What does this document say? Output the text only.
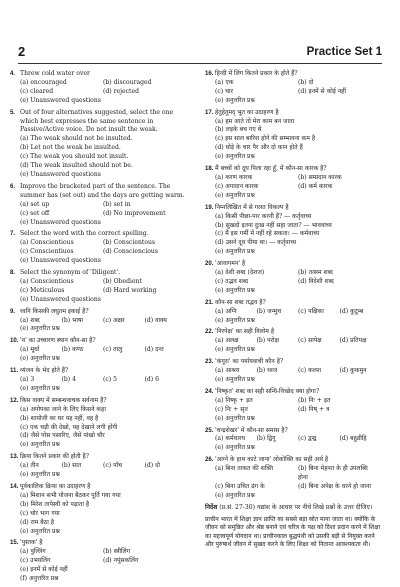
2	Practice Set 1
4. Threw cold water over
(a) encouraged	(b) discouraged
(c) cleared	(d) rejected
(e) Unanswered questions
5. Out of four alternatives suggested, select the one which best expresses the same sentence in Passive/Active voice. Do not insult the weak.
(a) The weak should not be insulted.
(b) Let not the weak be insulted.
(c) The weak you should not insult.
(d) The weak insulted should not be.
(e) Unanswered questions
6. Improve the bracketed part of the sentence. The summer has (set out) and the days are getting warm.
(a) set up	(b) set in
(c) set off	(d) No improvement
(e) Unanswered questions
7. Select the word with the correct spelling.
(a) Conscientious	(b) Conscientous
(c) Conscientiuos	(d) Consciencious
(e) Unanswered questions
8. Select the synonym of 'Diligent'.
(a) Conscientious	(b) Obedient
(c) Meticulous	(d) Hard working
(e) Unanswered questions
9. ध्वनि किसकी लघुतम इकाई है?
(a) शब्द	(b) भाषा	(c) अक्षर	(d) वाक्य
(e) अनुत्तरित प्रश्न
10. 'व' का उच्चारण स्थान कौन-सा है?
(a) मूर्धा	(b) कण्ठ	(c) तालु	(d) दन्त
(e) अनुत्तरित प्रश्न
11. व्यंजन के भेद होते हैं?
(a) 3	(b) 4	(c) 5	(d) 6
(e) अनुत्तरित प्रश्न
12. किस वाक्य में सम्बन्धवाचक सर्वनाम है?
(a) अपोपका जाने के लिए किसने कहा
(b) शायोजी का घर यह नहीं, वह है
(c) एक चड़ी की देखो, यह देखाने लगी होंगी
(d) जैसे पोस पसारिए, जैसे पांखो चौर
(e) अनुत्तरित प्रश्न
13. क्रिया कितने प्रकार की होती है?
(a) तीन	(b) सात	(c) पाँच	(d) दो
(e) अनुत्तरित प्रश्न
14. पूर्वकालिक क्रिया का उदाहरण है
(a) मिशान सभी योजना बैठकर पूर्ति गया गया
(b) मिरेश तापेस्वी को पढ़ाता है
(c) चोर भाग गया
(d) राम बैठा है
(e) अनुत्तरित प्रश्न
15. 'पुस्तक' है
(a) पुल्लिंग	(b) स्त्रीलिंग
(c) उभयलिंग	(d) नपुंसकलिंग
(e) इनमें से कोई नहीं
(f) अनुत्तरित प्रश्न
16. हिन्दी में लिंग कितने प्रकार के होते हैं?
(a) एक	(b) दो
(c) चार	(d) इनमें से कोई नहीं
(e) अनुत्तरित प्रश्न
17. हेतुहेतुमद् भूत का उदाहरण है
(a) हम आते तो मेरा काम बन जाता
(b) लड़के बच गए थे
(c) इस साल बारिश होने की सम्भावना कम है
(d) घोड़े के चार पैर और दो कान होते हैं
(e) अनुत्तरित प्रश्न
18. मैं बच्चों को दूध पिला रहा हूँ, में कौन-सा कारक है?
(a) करण कारक	(b) सम्प्रदान कारक
(c) अपादान कारक	(d) कर्म कारक
(e) अनुत्तरित प्रश्न
19. निम्नलिखित में से गलत विकल्प है
(a) किसी पीछा-पार करनी हैं? — कर्तृवाच्य
(b) सुखदो इतना दुःख नहीं सहा जाता? — भाववाच्य
(c) मैं इस गर्मी में नहीं रहे सकता। — कर्मवाच्य
(d) उसने दूध पीया था। — कर्तृवाच्य
(e) अनुत्तरित प्रश्न
20. 'आवागमन' है
(a) देशी शब्द (देशज)	(b) तत्सम शब्द
(c) तद्भव शब्द	(d) विदेशी शब्द
(e) अनुत्तरित प्रश्न
21. कौन-सा शब्द तद्भव है?
(a) अग्नि	(b) जन्मुच	(c) पक्षिका	(d) कुटुम्ब
(e) अनुत्तरित प्रश्न
22. 'निरपेक्ष' का सही विलोम है
(a) अलक्ष	(b) परोक्ष	(c) सापेक्ष	(d) प्रतिपक्ष
(e) अनुत्तरित प्रश्न
23. 'कंगूरा' का पर्यायवाची कौन है?
(a) आश्रय	(b) ध्वज	(c) कलश	(d) कुकमुन
(e) अनुत्तरित प्रश्न
24. 'निष्कृत' शब्द का सही सन्धि-विच्छेद क्या होगा?
(a) निष्कृ + ड़त	(b) निः + ड़त
(c) निः + सृत	(d) निष् + त्र
(e) अनुत्तरित प्रश्न
25. 'चन्द्रशेखर' में कौन-सा समास है?
(a) कर्मधारय	(b) द्विगु	(c) द्वन्द्व	(d) बहुव्रीहि
(e) अनुत्तरित प्रश्न
26. 'आग्ने के हाथ काटे जाना' लोकोक्ति का सही अर्थ है
(a) बिना ताकत की शक्ति	(b) बिना मेहनत के ही उपलब्धि होना
(c) बिना उचित ढंग के	(d) बिना अपेक्ष के धरने हो जाना
(e) अनुत्तरित प्रश्न
निर्देश (प्र.सं. 27-30) गद्यांश के आधार पर नीचे लिखे प्रश्नों के उत्तर दीजिए।
प्राचीन भारत में शिक्षा ज्ञान प्राप्ति का सबसे बड़ा स्रोत माना जाता था। क्योंकि के जीवन को समुन्नित और श्रेष्ठ बनाने एवं चरित्र के पक्ष को दिशा प्रदान करने में शिक्षा का महत्त्वपूर्ण योगदान था। प्राचीनकाल बुद्धपंथी को उसकी बड़ी से नियुक्त करने और पुरुषार्थ जीवन में सुखद करने के लिए शिक्षा को नितान्त आवश्यकता थी।
